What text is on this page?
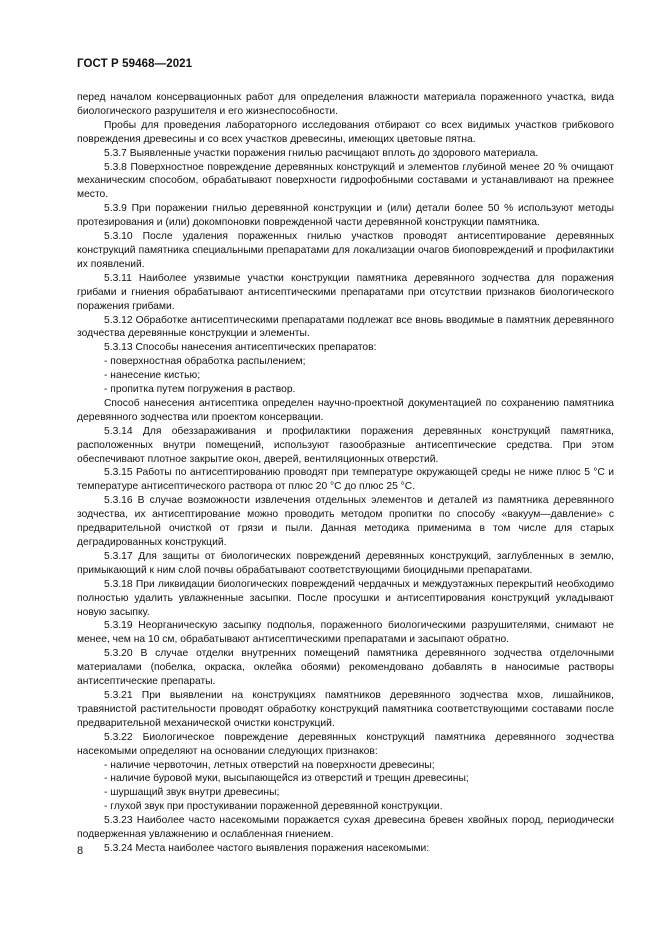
ГОСТ Р 59468—2021

перед началом консервационных работ для определения влажности материала пораженного участка, вида биологического разрушителя и его жизнеспособности.

Пробы для проведения лабораторного исследования отбирают со всех видимых участков грибкового повреждения древесины и со всех участков древесины, имеющих цветовые пятна.

5.3.7 Выявленные участки поражения гнилью расчищают вплоть до здорового материала.

5.3.8 Поверхностное повреждение деревянных конструкций и элементов глубиной менее 20 % очищают механическим способом, обрабатывают поверхности гидрофобными составами и устанавливают на прежнее место.

5.3.9 При поражении гнилью деревянной конструкции и (или) детали более 50 % используют методы протезирования и (или) докомпоновки поврежденной части деревянной конструкции памятника.

5.3.10 После удаления пораженных гнилью участков проводят антисептирование деревянных конструкций памятника специальными препаратами для локализации очагов биоповреждений и профилактики их появлений.

5.3.11 Наиболее уязвимые участки конструкции памятника деревянного зодчества для поражения грибами и гниения обрабатывают антисептическими препаратами при отсутствии признаков биологического поражения грибами.

5.3.12 Обработке антисептическими препаратами подлежат все вновь вводимые в памятник деревянного зодчества деревянные конструкции и элементы.

5.3.13 Способы нанесения антисептических препаратов:

- поверхностная обработка распылением;

- нанесение кистью;

- пропитка путем погружения в раствор.

Способ нанесения антисептика определен научно-проектной документацией по сохранению памятника деревянного зодчества или проектом консервации.

5.3.14 Для обеззараживания и профилактики поражения деревянных конструкций памятника, расположенных внутри помещений, используют газообразные антисептические средства. При этом обеспечивают плотное закрытие окон, дверей, вентиляционных отверстий.

5.3.15 Работы по антисептированию проводят при температуре окружающей среды не ниже плюс 5 °С и температуре антисептического раствора от плюс 20 °С до плюс 25 °С.

5.3.16 В случае возможности извлечения отдельных элементов и деталей из памятника деревянного зодчества, их антисептирование можно проводить методом пропитки по способу «вакуум—давление» с предварительной очисткой от грязи и пыли. Данная методика применима в том числе для старых деградированных конструкций.

5.3.17 Для защиты от биологических повреждений деревянных конструкций, заглубленных в землю, примыкающий к ним слой почвы обрабатывают соответствующими биоцидными препаратами.

5.3.18 При ликвидации биологических повреждений чердачных и междуэтажных перекрытий необходимо полностью удалить увлажненные засыпки. После просушки и антисептирования конструкций укладывают новую засыпку.

5.3.19 Неорганическую засыпку подполья, пораженного биологическими разрушителями, снимают не менее, чем на 10 см, обрабатывают антисептическими препаратами и засыпают обратно.

5.3.20 В случае отделки внутренних помещений памятника деревянного зодчества отделочными материалами (побелка, окраска, оклейка обоями) рекомендовано добавлять в наносимые растворы антисептические препараты.

5.3.21 При выявлении на конструкциях памятников деревянного зодчества мхов, лишайников, травянистой растительности проводят обработку конструкций памятника соответствующими составами после предварительной механической очистки конструкций.

5.3.22 Биологическое повреждение деревянных конструкций памятника деревянного зодчества насекомыми определяют на основании следующих признаков:

- наличие червоточин, летных отверстий на поверхности древесины;

- наличие буровой муки, высыпающейся из отверстий и трещин древесины;

- шуршащий звук внутри древесины;

- глухой звук при простукивании пораженной деревянной конструкции.

5.3.23 Наиболее часто насекомыми поражается сухая древесина бревен хвойных пород, периодически подверженная увлажнению и ослабленная гниением.

5.3.24 Места наиболее частого выявления поражения насекомыми:

8
